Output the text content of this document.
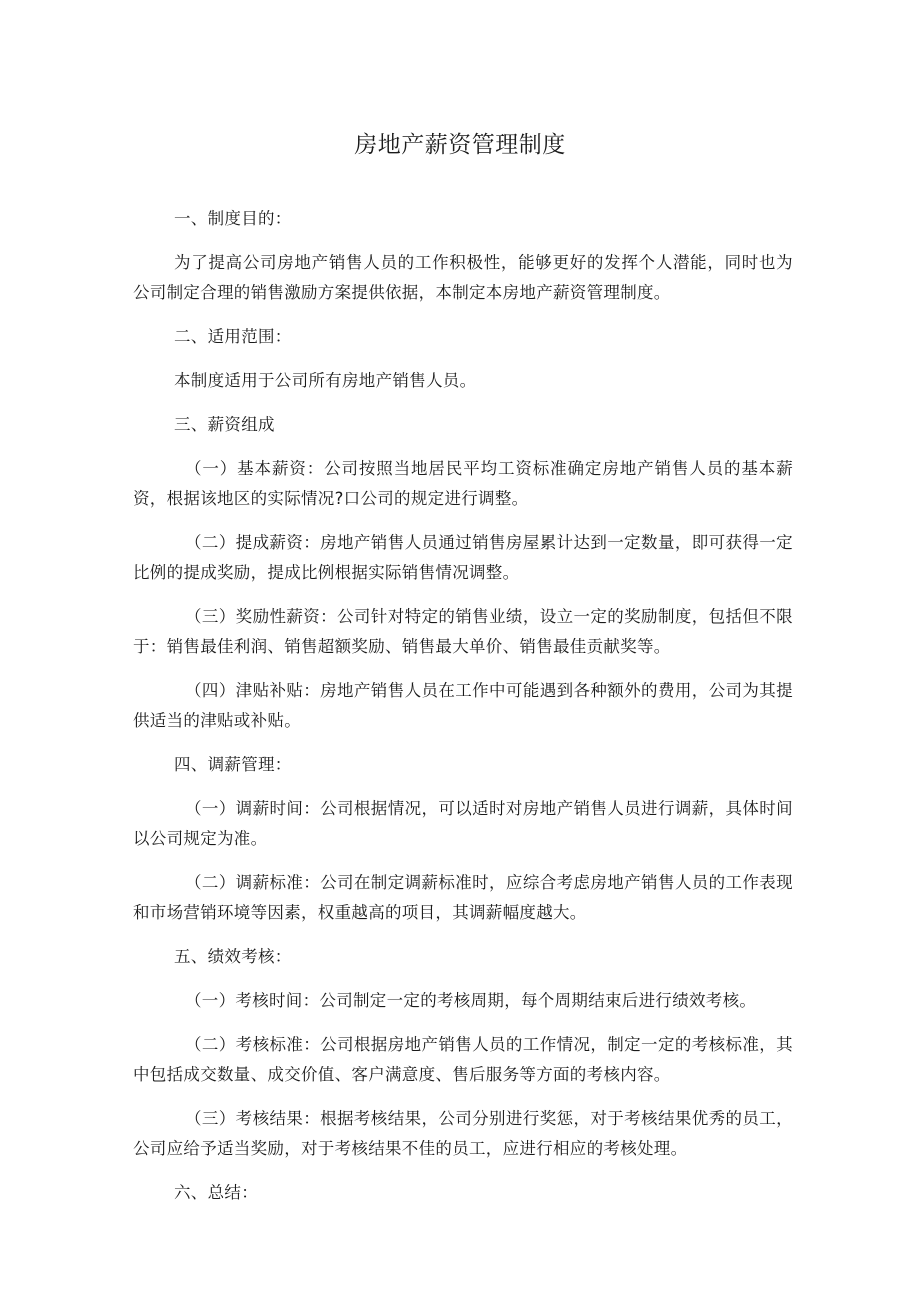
房地产薪资管理制度
一、制度目的：
为了提高公司房地产销售人员的工作积极性，能够更好的发挥个人潜能，同时也为公司制定合理的销售激励方案提供依据，本制定本房地产薪资管理制度。
二、适用范围：
本制度适用于公司所有房地产销售人员。
三、薪资组成
（一）基本薪资：公司按照当地居民平均工资标准确定房地产销售人员的基本薪资，根据该地区的实际情况?口公司的规定进行调整。
（二）提成薪资：房地产销售人员通过销售房屋累计达到一定数量，即可获得一定比例的提成奖励，提成比例根据实际销售情况调整。
（三）奖励性薪资：公司针对特定的销售业绩，设立一定的奖励制度，包括但不限于：销售最佳利润、销售超额奖励、销售最大单价、销售最佳贡献奖等。
（四）津贴补贴：房地产销售人员在工作中可能遇到各种额外的费用，公司为其提供适当的津贴或补贴。
四、调薪管理：
（一）调薪时间：公司根据情况，可以适时对房地产销售人员进行调薪，具体时间以公司规定为准。
（二）调薪标准：公司在制定调薪标准时，应综合考虑房地产销售人员的工作表现和市场营销环境等因素，权重越高的项目，其调薪幅度越大。
五、绩效考核：
（一）考核时间：公司制定一定的考核周期，每个周期结束后进行绩效考核。
（二）考核标准：公司根据房地产销售人员的工作情况，制定一定的考核标准，其中包括成交数量、成交价值、客户满意度、售后服务等方面的考核内容。
（三）考核结果：根据考核结果，公司分别进行奖惩，对于考核结果优秀的员工，公司应给予适当奖励，对于考核结果不佳的员工，应进行相应的考核处理。
六、总结：
